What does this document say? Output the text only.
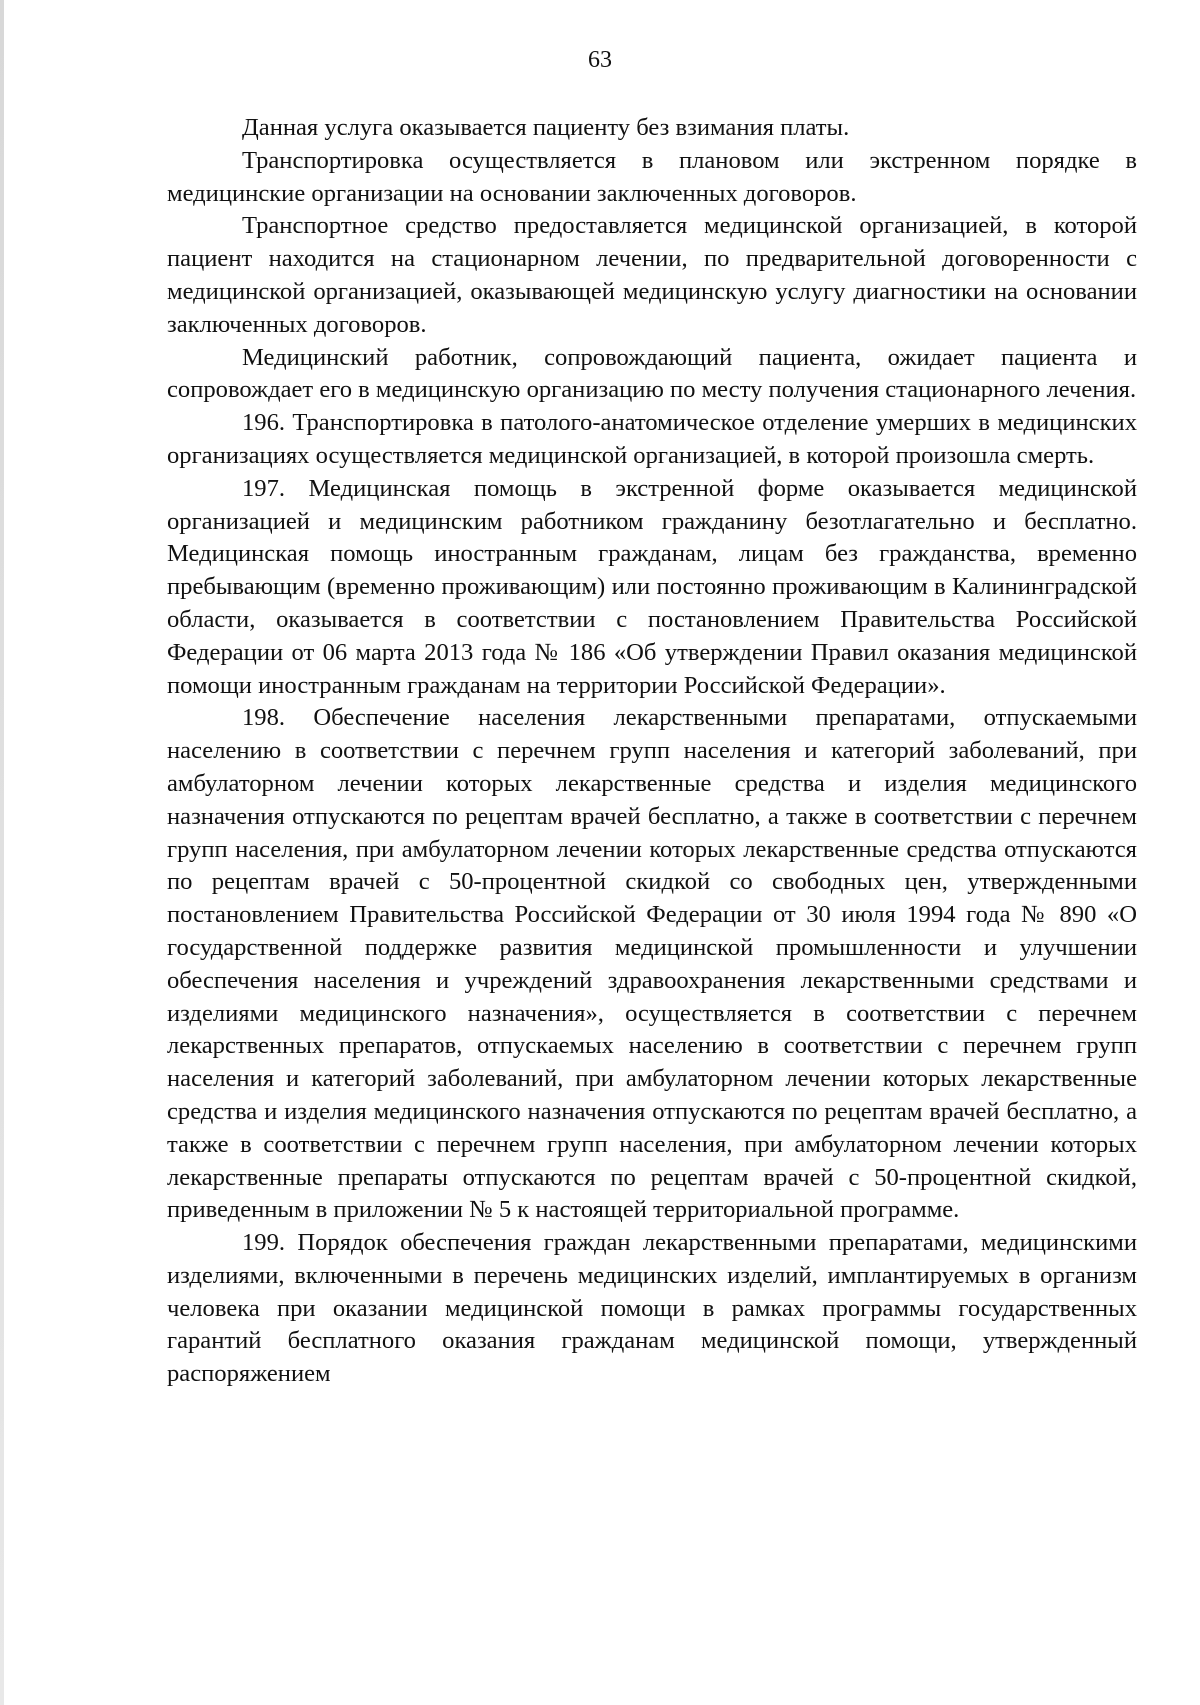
63

Данная услуга оказывается пациенту без взимания платы.

Транспортировка осуществляется в плановом или экстренном порядке в медицинские организации на основании заключенных договоров.

Транспортное средство предоставляется медицинской организацией, в которой пациент находится на стационарном лечении, по предварительной договоренности с медицинской организацией, оказывающей медицинскую услугу диагностики на основании заключенных договоров.

Медицинский работник, сопровождающий пациента, ожидает пациента и сопровождает его в медицинскую организацию по месту получения стационарного лечения.

196. Транспортировка в патолого-анатомическое отделение умерших в медицинских организациях осуществляется медицинской организацией, в которой произошла смерть.

197. Медицинская помощь в экстренной форме оказывается медицинской организацией и медицинским работником гражданину безотлагательно и бесплатно. Медицинская помощь иностранным гражданам, лицам без гражданства, временно пребывающим (временно проживающим) или постоянно проживающим в Калининградской области, оказывается в соответствии с постановлением Правительства Российской Федерации от 06 марта 2013 года № 186 «Об утверждении Правил оказания медицинской помощи иностранным гражданам на территории Российской Федерации».

198. Обеспечение населения лекарственными препаратами, отпускаемыми населению в соответствии с перечнем групп населения и категорий заболеваний, при амбулаторном лечении которых лекарственные средства и изделия медицинского назначения отпускаются по рецептам врачей бесплатно, а также в соответствии с перечнем групп населения, при амбулаторном лечении которых лекарственные средства отпускаются по рецептам врачей с 50-процентной скидкой со свободных цен, утвержденными постановлением Правительства Российской Федерации от 30 июля 1994 года № 890 «О государственной поддержке развития медицинской промышленности и улучшении обеспечения населения и учреждений здравоохранения лекарственными средствами и изделиями медицинского назначения», осуществляется в соответствии с перечнем лекарственных препаратов, отпускаемых населению в соответствии с перечнем групп населения и категорий заболеваний, при амбулаторном лечении которых лекарственные средства и изделия медицинского назначения отпускаются по рецептам врачей бесплатно, а также в соответствии с перечнем групп населения, при амбулаторном лечении которых лекарственные препараты отпускаются по рецептам врачей с 50-процентной скидкой, приведенным в приложении № 5 к настоящей территориальной программе.

199. Порядок обеспечения граждан лекарственными препаратами, медицинскими изделиями, включенными в перечень медицинских изделий, имплантируемых в организм человека при оказании медицинской помощи в рамках программы государственных гарантий бесплатного оказания гражданам медицинской помощи, утвержденный распоряжением
